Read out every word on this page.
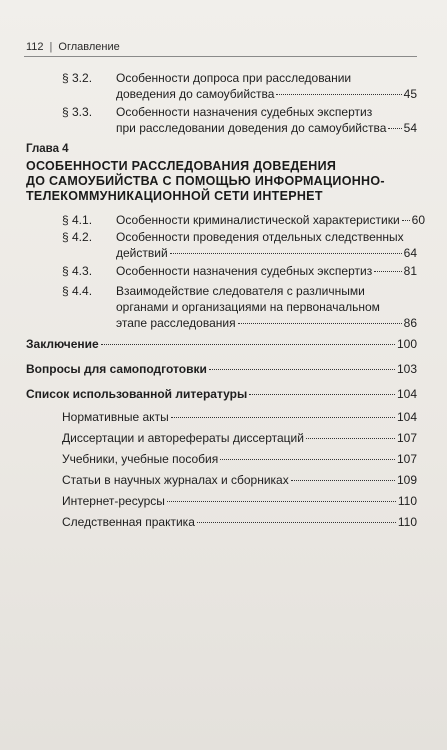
112 | Оглавление
§ 3.2. Особенности допроса при расследовании
доведения до самоубийства	45
§ 3.3. Особенности назначения судебных экспертиз
при расследовании доведения до самоубийства 54
Глава 4
ОСОБЕННОСТИ РАССЛЕДОВАНИЯ ДОВЕДЕНИЯ
ДО САМОУБИЙСТВА С ПОМОЩЬЮ ИНФОРМАЦИОННО-
ТЕЛЕКОММУНИКАЦИОННОЙ СЕТИ ИНТЕРНЕТ
§ 4.1. Особенности криминалистической характеристики 60
§ 4.2. Особенности проведения отдельных следственных
действий	64
§ 4.3. Особенности назначения судебных экспертиз	81
§ 4.4. Взаимодействие следователя с различными
органами и организациями на первоначальном
этапе расследования	86
Заключение	100
Вопросы для самоподготовки	103
Список использованной литературы	104
Нормативные акты	104
Диссертации и авторефераты диссертаций	107
Учебники, учебные пособия	107
Статьи в научных журналах и сборниках	109
Интернет-ресурсы	110
Следственная практика	110
